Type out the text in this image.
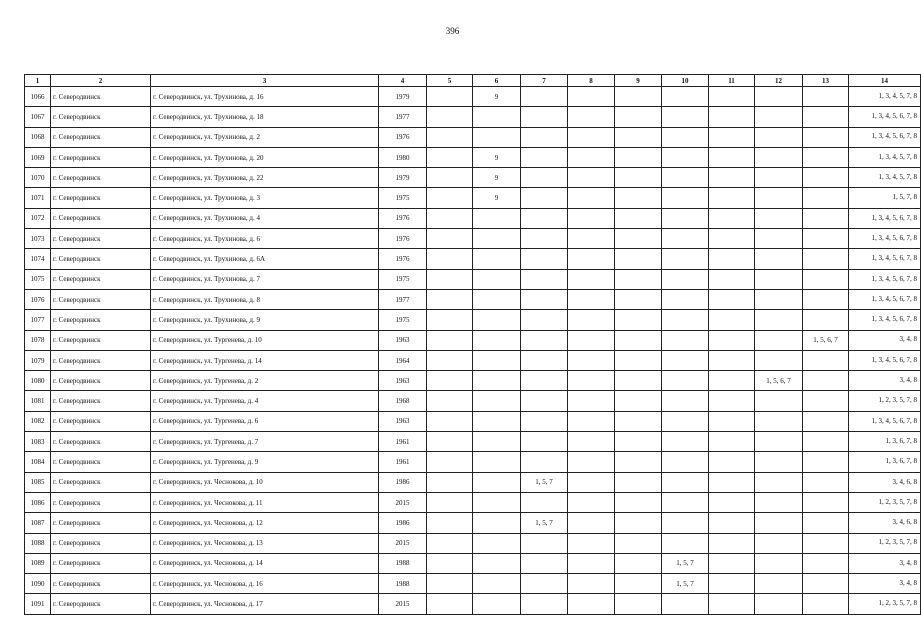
396
1	2	3	4	5	6	7	8	9	10	11	12	13	14
1066	г. Северодвинск	г. Северодвинск, ул. Трухинова, д. 16	1979		9								1, 3, 4, 5, 7, 8

1067	г. Северодвинск	г. Северодвинск, ул. Трухинова, д. 18	1977										1, 3, 4, 5, 6, 7, 8

1068	г. Северодвинск	г. Северодвинск, ул. Трухинова, д. 2	1976										1, 3, 4, 5, 6, 7, 8

1069	г. Северодвинск	г. Северодвинск, ул. Трухинова, д. 20	1980		9								1, 3, 4, 5, 7, 8

1070	г. Северодвинск	г. Северодвинск, ул. Трухинова, д. 22	1979		9								1, 3, 4, 5, 7, 8

1071	г. Северодвинск	г. Северодвинск, ул. Трухинова, д. 3	1975		9								1, 5, 7, 8

1072	г. Северодвинск	г. Северодвинск, ул. Трухинова, д. 4	1976										1, 3, 4, 5, 6, 7, 8

1073	г. Северодвинск	г. Северодвинск, ул. Трухинова, д. 6	1976										1, 3, 4, 5, 6, 7, 8

1074	г. Северодвинск	г. Северодвинск, ул. Трухинова, д. 6А	1976										1, 3, 4, 5, 6, 7, 8

1075	г. Северодвинск	г. Северодвинск, ул. Трухинова, д. 7	1975										1, 3, 4, 5, 6, 7, 8

1076	г. Северодвинск	г. Северодвинск, ул. Трухинова, д. 8	1977										1, 3, 4, 5, 6, 7, 8

1077	г. Северодвинск	г. Северодвинск, ул. Трухинова, д. 9	1975										1, 3, 4, 5, 6, 7, 8

1078	г. Северодвинск	г. Северодвинск, ул. Тургенева, д. 10	1963									1, 5, 6, 7	3, 4, 8

1079	г. Северодвинск	г. Северодвинск, ул. Тургенева, д. 14	1964										1, 3, 4, 5, 6, 7, 8

1080	г. Северодвинск	г. Северодвинск, ул. Тургенева, д. 2	1963								1, 5, 6, 7		3, 4, 8

1081	г. Северодвинск	г. Северодвинск, ул. Тургенева, д. 4	1968										1, 2, 3, 5, 7, 8

1082	г. Северодвинск	г. Северодвинск, ул. Тургенева, д. 6	1963										1, 3, 4, 5, 6, 7, 8

1083	г. Северодвинск	г. Северодвинск, ул. Тургенева, д. 7	1961										1, 3, 6, 7, 8

1084	г. Северодвинск	г. Северодвинск, ул. Тургенева, д. 9	1961										1, 3, 6, 7, 8

1085	г. Северодвинск	г. Северодвинск, ул. Чеснокова, д. 10	1986			1, 5, 7							3, 4, 6, 8

1086	г. Северодвинск	г. Северодвинск, ул. Чеснокова, д. 11	2015										1, 2, 3, 5, 7, 8

1087	г. Северодвинск	г. Северодвинск, ул. Чеснокова, д. 12	1986			1, 5, 7							3, 4, 6, 8

1088	г. Северодвинск	г. Северодвинск, ул. Чеснокова, д. 13	2015										1, 2, 3, 5, 7, 8

1089	г. Северодвинск	г. Северодвинск, ул. Чеснокова, д. 14	1988						1, 5, 7				3, 4, 8

1090	г. Северодвинск	г. Северодвинск, ул. Чеснокова, д. 16	1988						1, 5, 7				3, 4, 8

1091	г. Северодвинск	г. Северодвинск, ул. Чеснокова, д. 17	2015										1, 2, 3, 5, 7, 8
